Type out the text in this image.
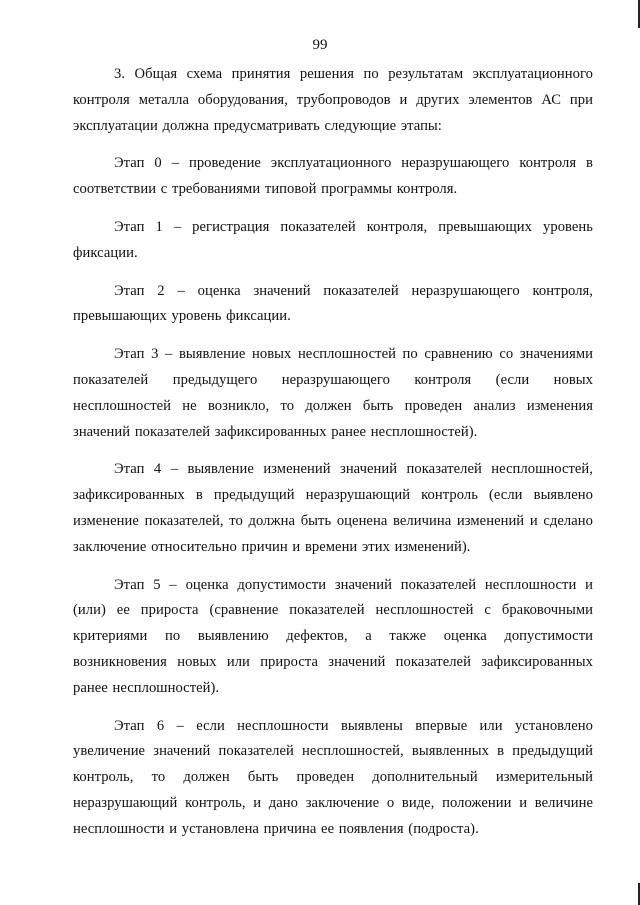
99

3. Общая схема принятия решения по результатам эксплуатационного контроля металла оборудования, трубопроводов и других элементов АС при эксплуатации должна предусматривать следующие этапы:

Этап 0 – проведение эксплуатационного неразрушающего контроля в соответствии с требованиями типовой программы контроля.

Этап 1 – регистрация показателей контроля, превышающих уровень фиксации.

Этап 2 – оценка значений показателей неразрушающего контроля, превышающих уровень фиксации.

Этап 3 – выявление новых несплошностей по сравнению со значениями показателей предыдущего неразрушающего контроля (если новых несплошностей не возникло, то должен быть проведен анализ изменения значений показателей зафиксированных ранее несплошностей).

Этап 4 – выявление изменений значений показателей несплошностей, зафиксированных в предыдущий неразрушающий контроль (если выявлено изменение показателей, то должна быть оценена величина изменений и сделано заключение относительно причин и времени этих изменений).

Этап 5 – оценка допустимости значений показателей несплошности и (или) ее прироста (сравнение показателей несплошностей с браковочными критериями по выявлению дефектов, а также оценка допустимости возникновения новых или прироста значений показателей зафиксированных ранее несплошностей).

Этап 6 – если несплошности выявлены впервые или установлено увеличение значений показателей несплошностей, выявленных в предыдущий контроль, то должен быть проведен дополнительный измерительный неразрушающий контроль, и дано заключение о виде, положении и величине несплошности и установлена причина ее появления (подроста).
